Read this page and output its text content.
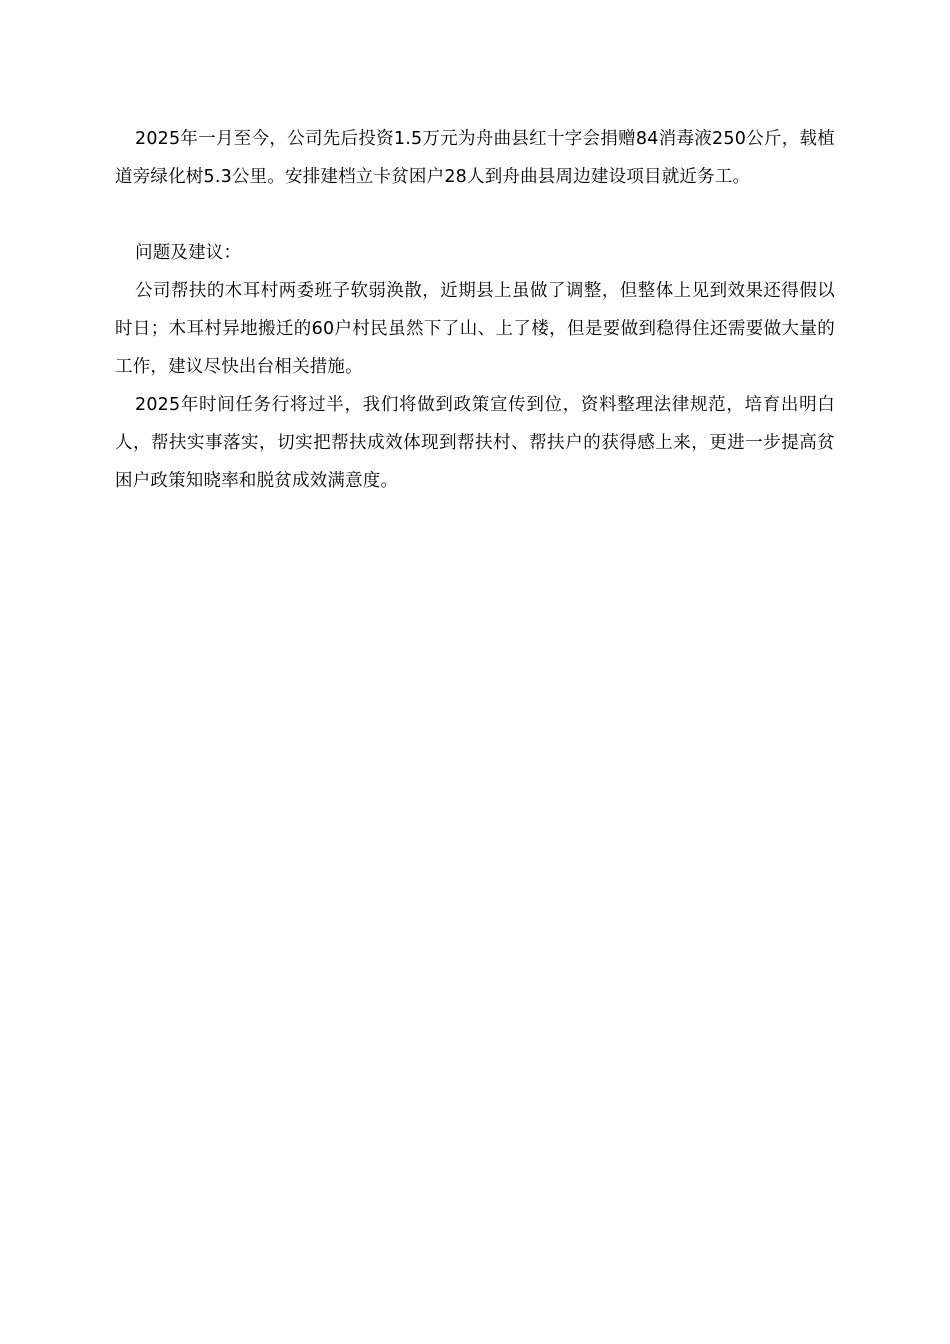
2025年一月至今，公司先后投资1.5万元为舟曲县红十字会捐赠84消毒液250公斤，载植道旁绿化树5.3公里。安排建档立卡贫困户28人到舟曲县周边建设项目就近务工。

问题及建议：

公司帮扶的木耳村两委班子软弱涣散，近期县上虽做了调整，但整体上见到效果还得假以时日；木耳村异地搬迁的60户村民虽然下了山、上了楼，但是要做到稳得住还需要做大量的工作，建议尽快出台相关措施。

2025年时间任务行将过半，我们将做到政策宣传到位，资料整理法律规范，培育出明白人，帮扶实事落实，切实把帮扶成效体现到帮扶村、帮扶户的获得感上来，更进一步提高贫困户政策知晓率和脱贫成效满意度。
